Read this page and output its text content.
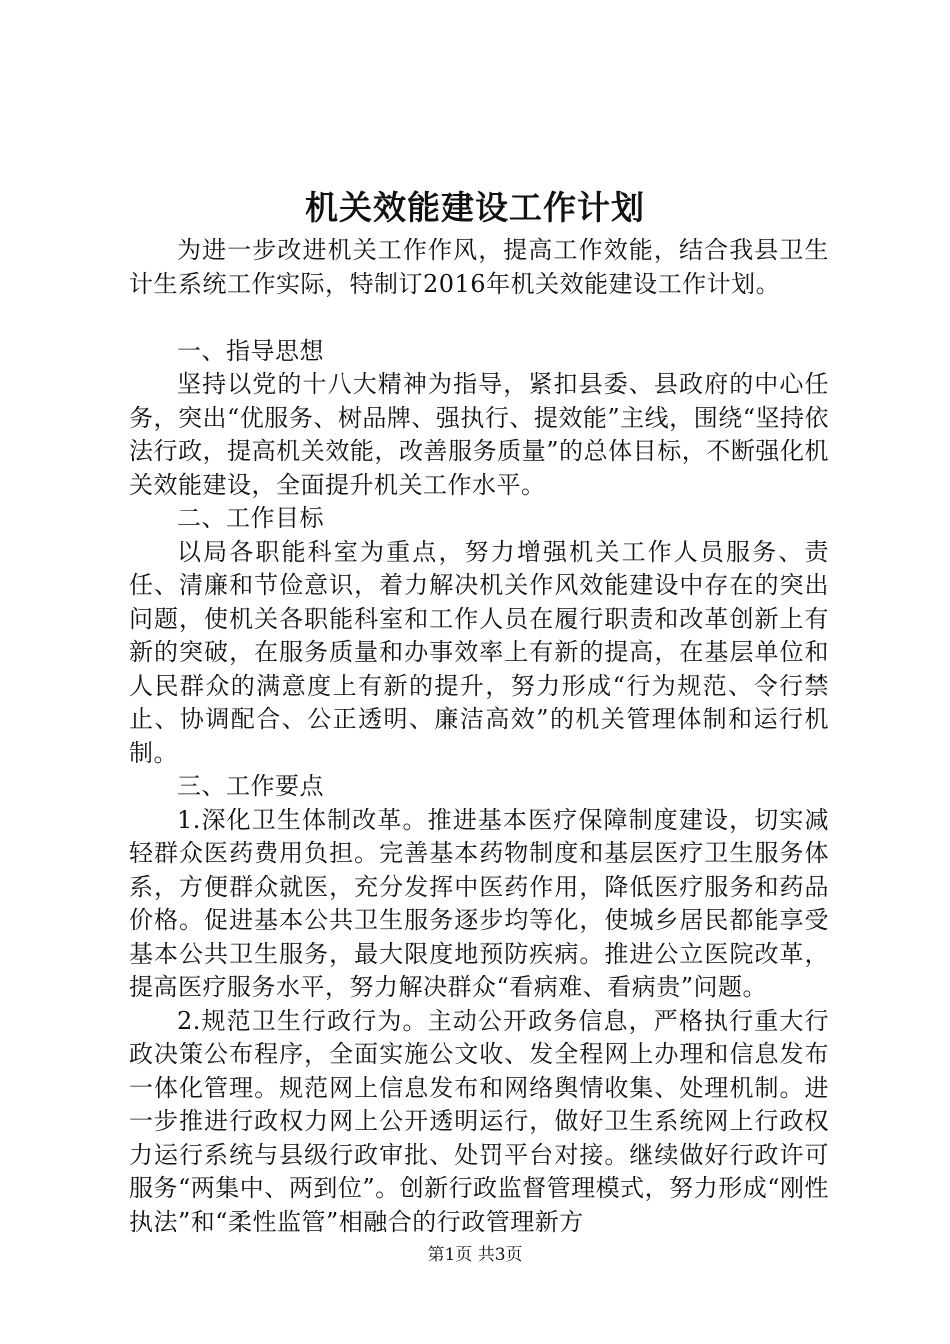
机关效能建设工作计划

为进一步改进机关工作作风，提高工作效能，结合我县卫生计生系统工作实际，特制订2016年机关效能建设工作计划。

一、指导思想

坚持以党的十八大精神为指导，紧扣县委、县政府的中心任务，突出“优服务、树品牌、强执行、提效能”主线，围绕“坚持依法行政，提高机关效能，改善服务质量”的总体目标，不断强化机关效能建设，全面提升机关工作水平。

二、工作目标

以局各职能科室为重点，努力增强机关工作人员服务、责任、清廉和节俭意识，着力解决机关作风效能建设中存在的突出问题，使机关各职能科室和工作人员在履行职责和改革创新上有新的突破，在服务质量和办事效率上有新的提高，在基层单位和人民群众的满意度上有新的提升，努力形成“行为规范、令行禁止、协调配合、公正透明、廉洁高效”的机关管理体制和运行机制。

三、工作要点

1.深化卫生体制改革。推进基本医疗保障制度建设，切实减轻群众医药费用负担。完善基本药物制度和基层医疗卫生服务体系，方便群众就医，充分发挥中医药作用，降低医疗服务和药品价格。促进基本公共卫生服务逐步均等化，使城乡居民都能享受基本公共卫生服务，最大限度地预防疾病。推进公立医院改革，提高医疗服务水平，努力解决群众“看病难、看病贵”问题。

2.规范卫生行政行为。主动公开政务信息，严格执行重大行政决策公布程序，全面实施公文收、发全程网上办理和信息发布一体化管理。规范网上信息发布和网络舆情收集、处理机制。进一步推进行政权力网上公开透明运行，做好卫生系统网上行政权力运行系统与县级行政审批、处罚平台对接。继续做好行政许可服务“两集中、两到位”。创新行政监督管理模式，努力形成“刚性执法”和“柔性监管”相融合的行政管理新方

第1页 共3页
